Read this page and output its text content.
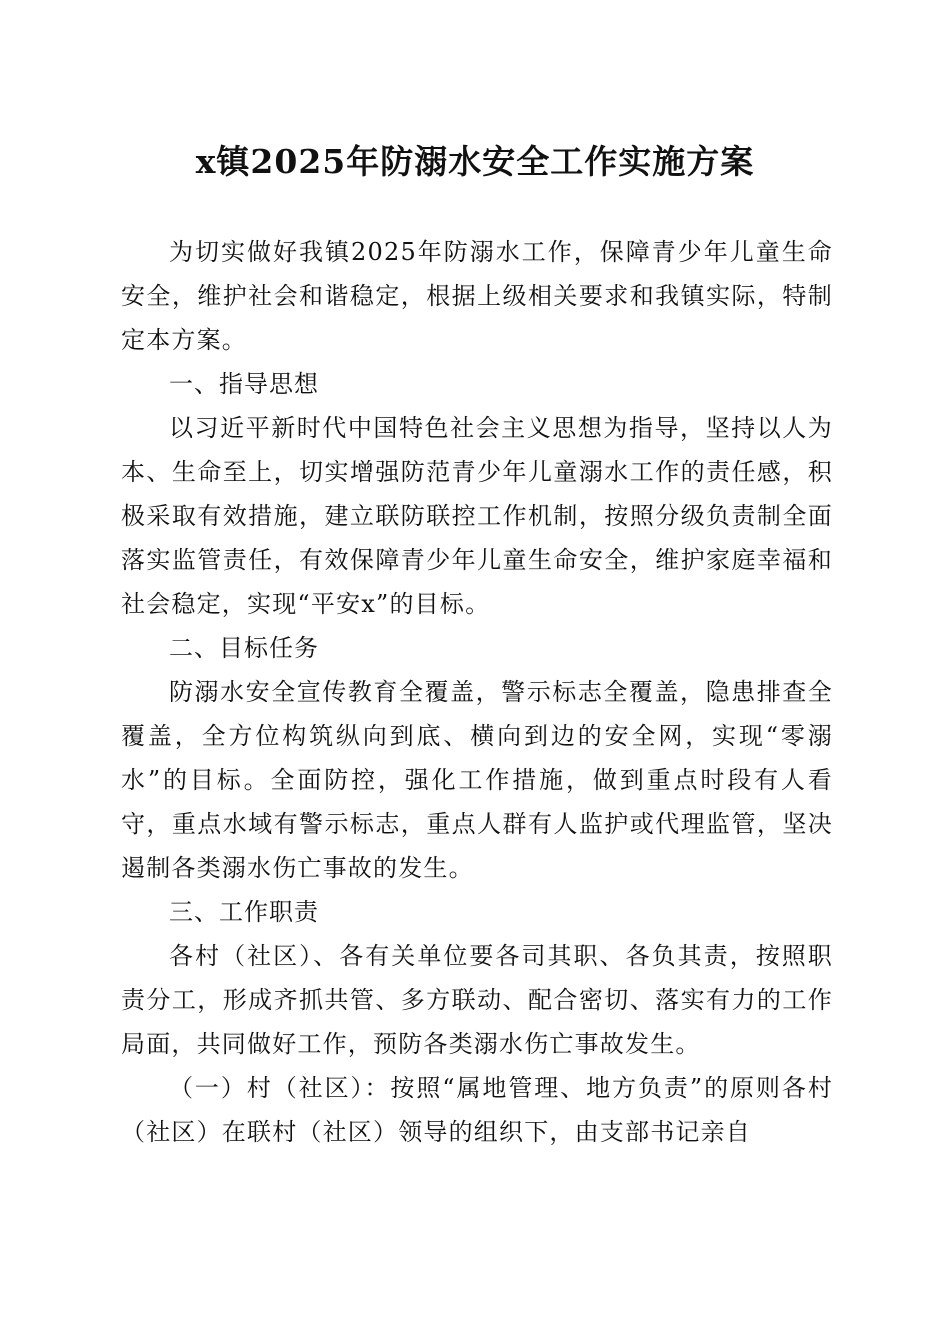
x镇2025年防溺水安全工作实施方案

为切实做好我镇2025年防溺水工作，保障青少年儿童生命安全，维护社会和谐稳定，根据上级相关要求和我镇实际，特制定本方案。

一、指导思想

以习近平新时代中国特色社会主义思想为指导，坚持以人为本、生命至上，切实增强防范青少年儿童溺水工作的责任感，积极采取有效措施，建立联防联控工作机制，按照分级负责制全面落实监管责任，有效保障青少年儿童生命安全，维护家庭幸福和社会稳定，实现“平安x”的目标。

二、目标任务

防溺水安全宣传教育全覆盖，警示标志全覆盖，隐患排查全覆盖，全方位构筑纵向到底、横向到边的安全网，实现“零溺水”的目标。全面防控，强化工作措施，做到重点时段有人看守，重点水域有警示标志，重点人群有人监护或代理监管，坚决遏制各类溺水伤亡事故的发生。

三、工作职责

各村（社区）、各有关单位要各司其职、各负其责，按照职责分工，形成齐抓共管、多方联动、配合密切、落实有力的工作局面，共同做好工作，预防各类溺水伤亡事故发生。

（一）村（社区）：按照“属地管理、地方负责”的原则各村（社区）在联村（社区）领导的组织下，由支部书记亲自
